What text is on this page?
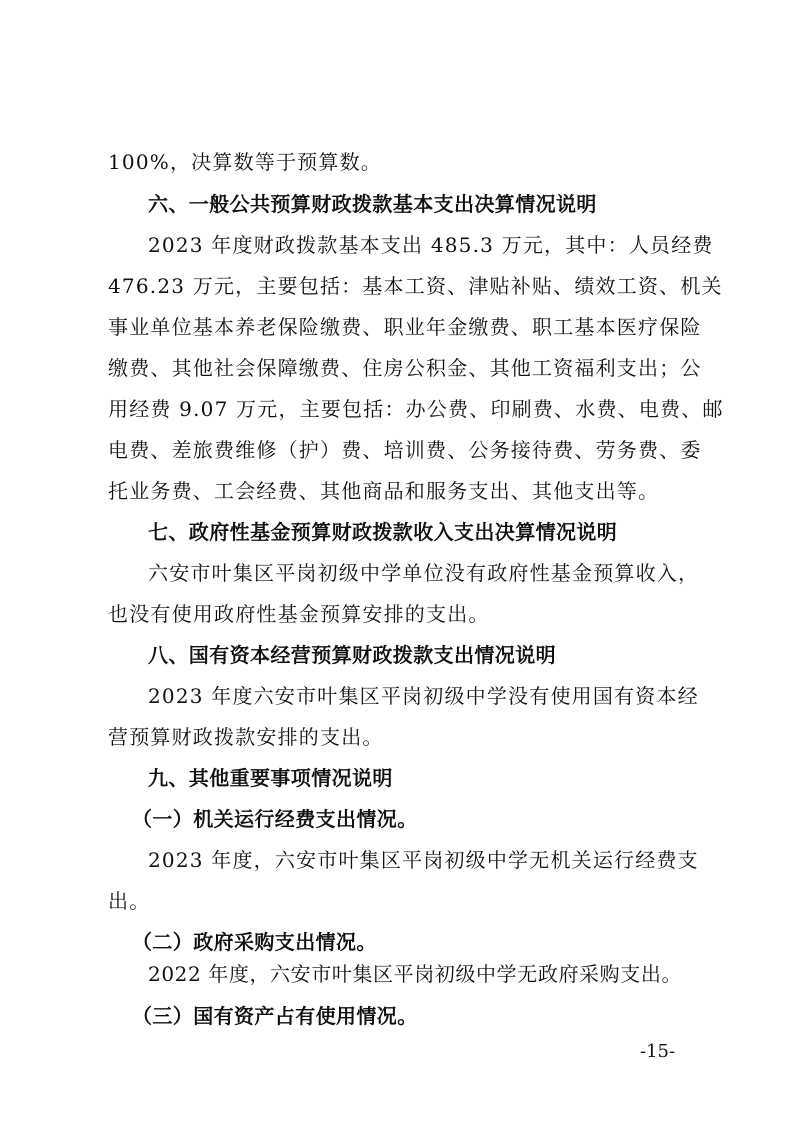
100%，决算数等于预算数。
六、一般公共预算财政拨款基本支出决算情况说明
2023 年度财政拨款基本支出 485.3 万元，其中：人员经费
476.23 万元，主要包括：基本工资、津贴补贴、绩效工资、机关
事业单位基本养老保险缴费、职业年金缴费、职工基本医疗保险
缴费、其他社会保障缴费、住房公积金、其他工资福利支出；公
用经费 9.07 万元，主要包括：办公费、印刷费、水费、电费、邮
电费、差旅费维修（护）费、培训费、公务接待费、劳务费、委
托业务费、工会经费、其他商品和服务支出、其他支出等。
七、政府性基金预算财政拨款收入支出决算情况说明
六安市叶集区平岗初级中学单位没有政府性基金预算收入，
也没有使用政府性基金预算安排的支出。
八、国有资本经营预算财政拨款支出情况说明
2023 年度六安市叶集区平岗初级中学没有使用国有资本经
营预算财政拨款安排的支出。
九、其他重要事项情况说明
（一）机关运行经费支出情况。
2023 年度，六安市叶集区平岗初级中学无机关运行经费支
出。
（二）政府采购支出情况。
2022 年度，六安市叶集区平岗初级中学无政府采购支出。
（三）国有资产占有使用情况。
-15-
